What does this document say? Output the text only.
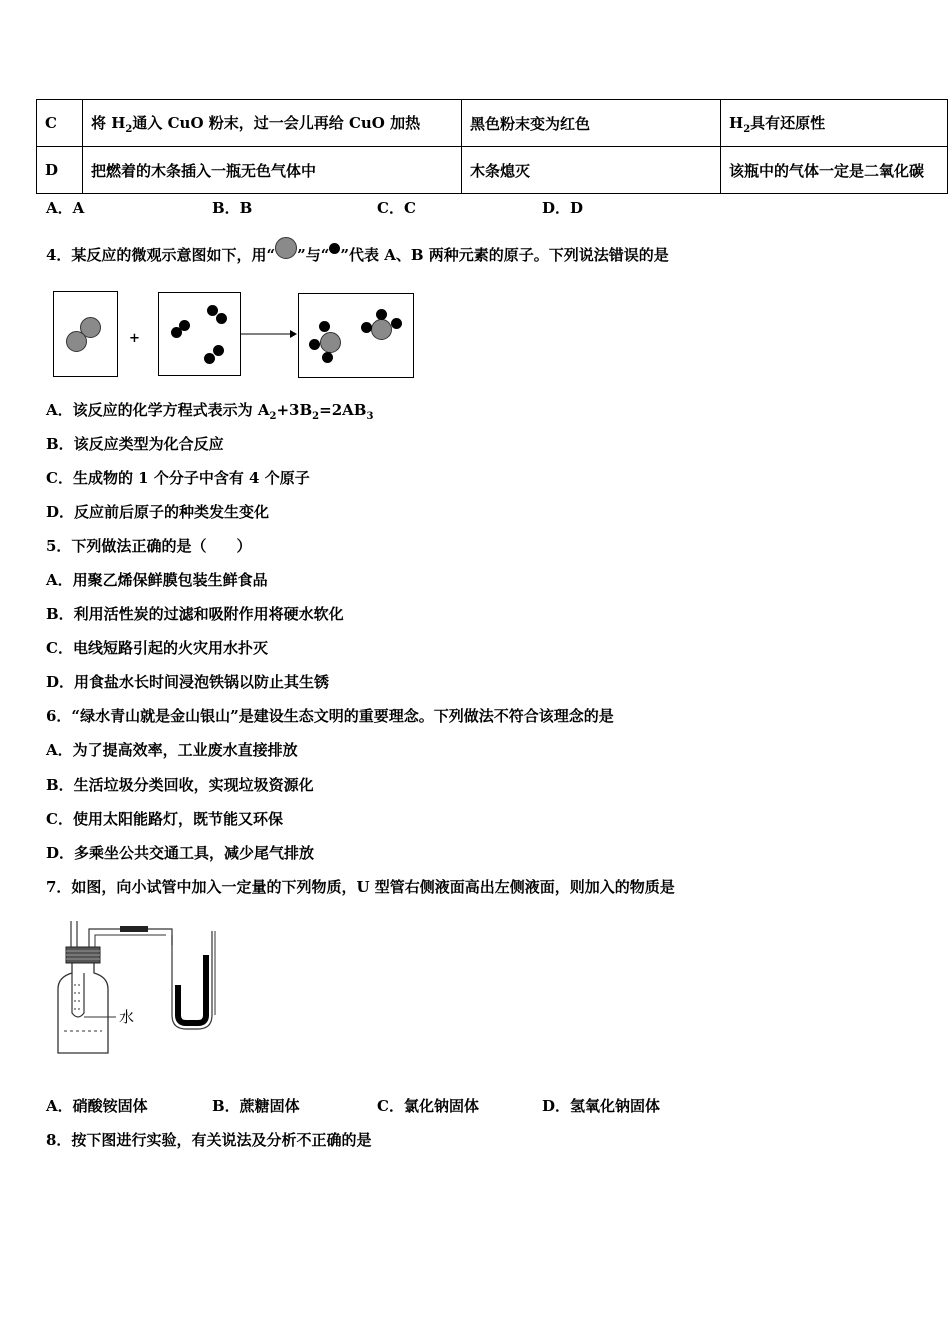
C	将 $H_2$通入 CuO 粉末，过一会儿再给 CuO 加热	黑色粉末变为红色	$H_2$具有还原性
D	把燃着的木条插入一瓶无色气体中	木条熄灭	该瓶中的气体一定是二氧化碳
A．A	B．B	C．C	D．D
4．某反应的微观示意图如下，用“ ”与“ ”代表 A、B 两种元素的原子。下列说法错误的是
+
A．该反应的化学方程式表示为 $A_2+3B_2=2AB_3$
B．该反应类型为化合反应
C．生成物的 1 个分子中含有 4 个原子
D．反应前后原子的种类发生变化
5．下列做法正确的是（　　）
A．用聚乙烯保鲜膜包装生鲜食品
B．利用活性炭的过滤和吸附作用将硬水软化
C．电线短路引起的火灾用水扑灭
D．用食盐水长时间浸泡铁锅以防止其生锈
6．“绿水青山就是金山银山”是建设生态文明的重要理念。下列做法不符合该理念的是
A．为了提高效率，工业废水直接排放
B．生活垃圾分类回收，实现垃圾资源化
C．使用太阳能路灯，既节能又环保
D．多乘坐公共交通工具，减少尾气排放
7．如图，向小试管中加入一定量的下列物质，U 型管右侧液面高出左侧液面，则加入的物质是
水
A．硝酸铵固体	B．蔗糖固体	C．氯化钠固体	D．氢氧化钠固体
8．按下图进行实验，有关说法及分析不正确的是
